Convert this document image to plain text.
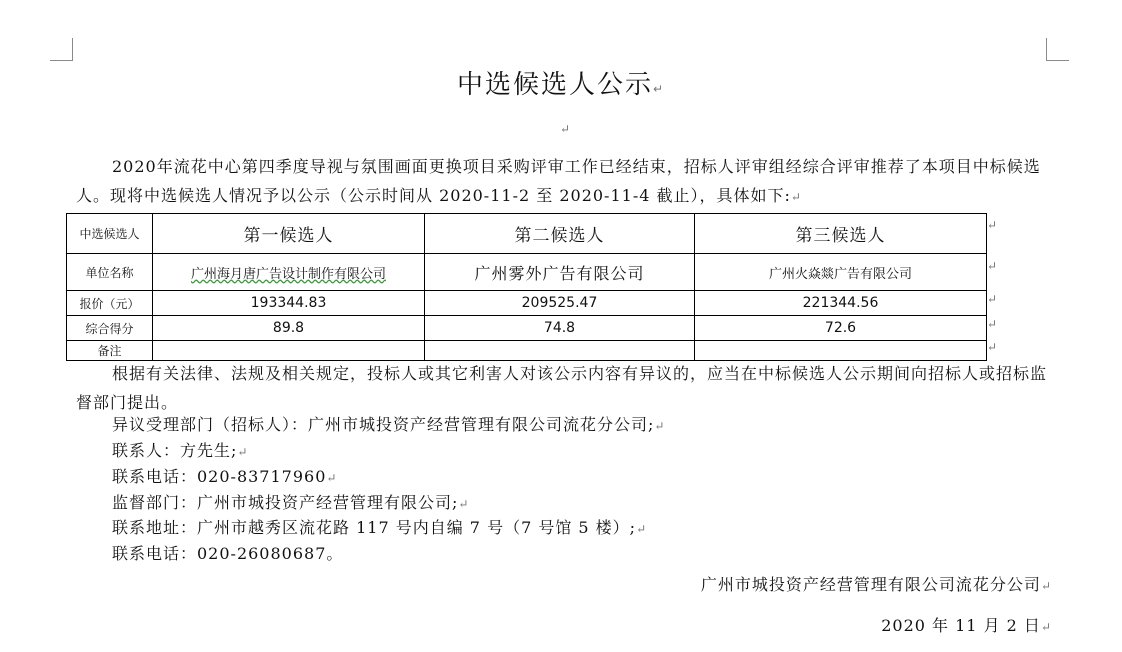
中选候选人公示↵
↵
2020年流花中心第四季度导视与氛围画面更换项目采购评审工作已经结束，招标人评审组经综合评审推荐了本项目中标候选人。现将中选候选人情况予以公示（公示时间从 2020-11-2 至 2020-11-4 截止），具体如下:↵
中选候选人	第一候选人	第二候选人	第三候选人
单位名称	广州海月唐广告设计制作有限公司	广州雾外广告有限公司	广州火焱燚广告有限公司
报价（元）	193344.83	209525.47	221344.56
综合得分	89.8	74.8	72.6
备注			
↵
↵
↵
↵
↵
根据有关法律、法规及相关规定，投标人或其它利害人对该公示内容有异议的，应当在中标候选人公示期间向招标人或招标监督部门提出。
异议受理部门（招标人）：广州市城投资产经营管理有限公司流花分公司;↵
联系人：方先生;↵
联系电话：020-83717960↵
监督部门：广州市城投资产经营管理有限公司;↵
联系地址：广州市越秀区流花路 117 号内自编 7 号（7 号馆 5 楼）;↵
联系电话：020-26080687。
广州市城投资产经营管理有限公司流花分公司↵
2020 年 11 月 2 日↵
